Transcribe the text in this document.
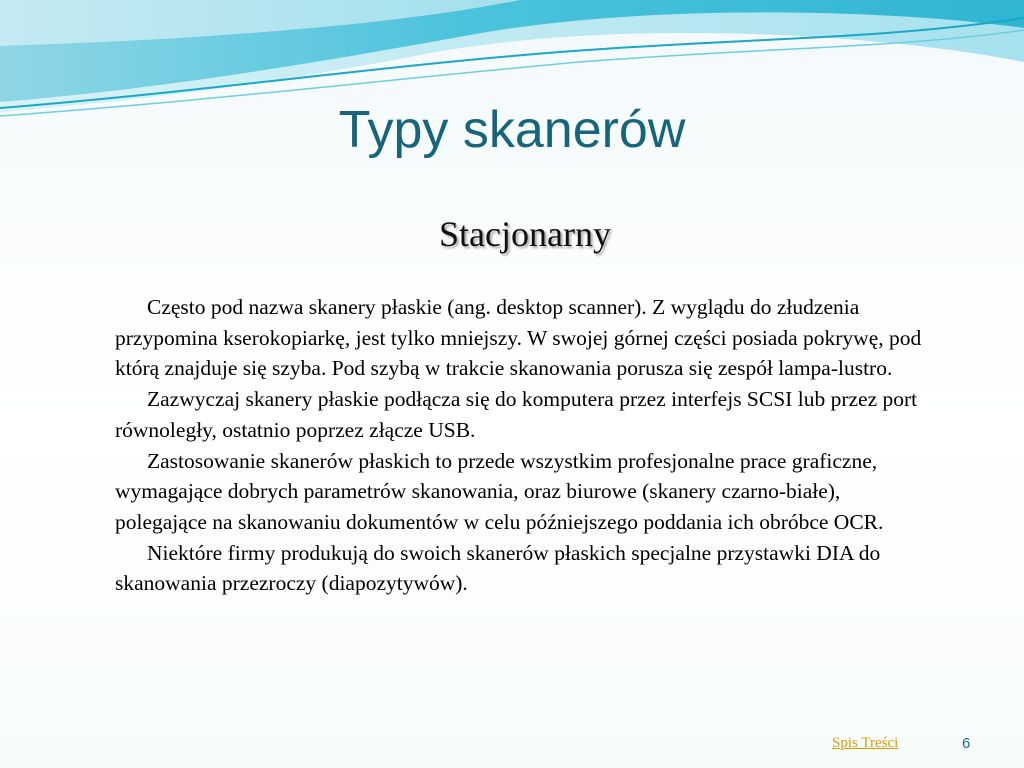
Typy skanerów
Stacjonarny

Często pod nazwa skanery płaskie (ang. desktop scanner). Z wyglądu do złudzenia przypomina kserokopiarkę, jest tylko mniejszy. W swojej górnej części posiada pokrywę, pod którą znajduje się szyba. Pod szybą w trakcie skanowania porusza się zespół lampa-lustro.

Zazwyczaj skanery płaskie podłącza się do komputera przez interfejs SCSI lub przez port równoległy, ostatnio poprzez złącze USB.

Zastosowanie skanerów płaskich to przede wszystkim profesjonalne prace graficzne, wymagające dobrych parametrów skanowania, oraz biurowe (skanery czarno-białe), polegające na skanowaniu dokumentów w celu późniejszego poddania ich obróbce OCR.

Niektóre firmy produkują do swoich skanerów płaskich specjalne przystawki DIA do skanowania przezroczy (diapozytywów).

Spis Treści	6
